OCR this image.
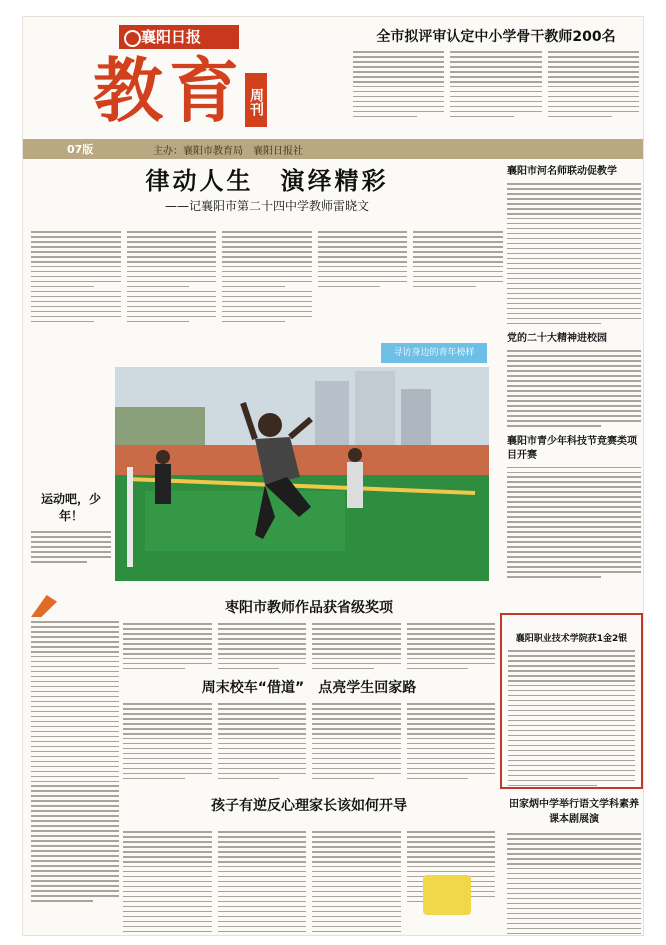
襄阳日报
教育 周刊
全市拟评审认定中小学骨干教师200名
07版	主办：襄阳市教育局	襄阳日报社
律动人生　演绎精彩
——记襄阳市第二十四中学教师雷晓文
寻访身边的青年榜样
运动吧，少年！
襄阳市河名师联动促教学
党的二十大精神进校园
襄阳市青少年科技节竞赛类项目开赛
襄阳职业技术学院获1金2银
田家炳中学举行语文学科素养课本剧展演
枣阳市教师作品获省级奖项
周末校车“借道”　点亮学生回家路
孩子有逆反心理家长该如何开导
